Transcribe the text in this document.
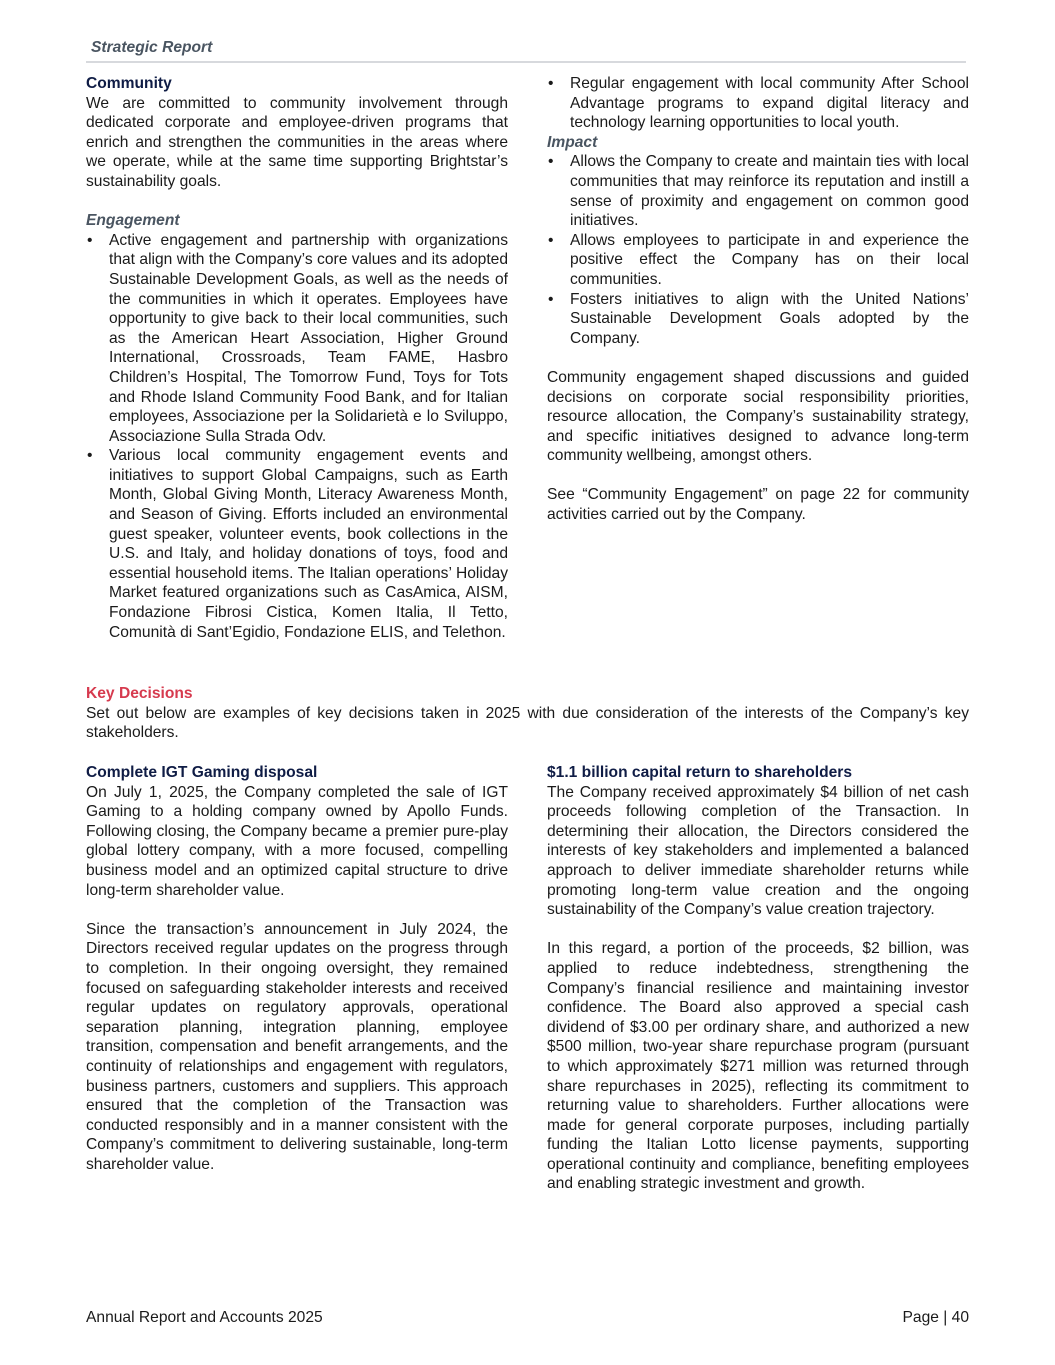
Strategic Report

Community

We are committed to community involvement through dedicated corporate and employee-driven programs that enrich and strengthen the communities in the areas where we operate, while at the same time supporting Brightstar’s sustainability goals.

Engagement

• Active engagement and partnership with organizations that align with the Company’s core values and its adopted Sustainable Development Goals, as well as the needs of the communities in which it operates. Employees have opportunity to give back to their local communities, such as the American Heart Association, Higher Ground International, Crossroads, Team FAME, Hasbro Children’s Hospital, The Tomorrow Fund, Toys for Tots and Rhode Island Community Food Bank, and for Italian employees, Associazione per la Solidarietà e lo Sviluppo, Associazione Sulla Strada Odv.
• Various local community engagement events and initiatives to support Global Campaigns, such as Earth Month, Global Giving Month, Literacy Awareness Month, and Season of Giving. Efforts included an environmental guest speaker, volunteer events, book collections in the U.S. and Italy, and holiday donations of toys, food and essential household items. The Italian operations’ Holiday Market featured organizations such as CasAmica, AISM, Fondazione Fibrosi Cistica, Komen Italia, Il Tetto, Comunità di Sant’Egidio, Fondazione ELIS, and Telethon.
• Regular engagement with local community After School Advantage programs to expand digital literacy and technology learning opportunities to local youth.

Impact

• Allows the Company to create and maintain ties with local communities that may reinforce its reputation and instill a sense of proximity and engagement on common good initiatives.
• Allows employees to participate in and experience the positive effect the Company has on their local communities.
• Fosters initiatives to align with the United Nations’ Sustainable Development Goals adopted by the Company.

Community engagement shaped discussions and guided decisions on corporate social responsibility priorities, resource allocation, the Company’s sustainability strategy, and specific initiatives designed to advance long-term community wellbeing, amongst others.

See “Community Engagement” on page 22 for community activities carried out by the Company.

Key Decisions

Set out below are examples of key decisions taken in 2025 with due consideration of the interests of the Company’s key stakeholders.

Complete IGT Gaming disposal

On July 1, 2025, the Company completed the sale of IGT Gaming to a holding company owned by Apollo Funds. Following closing, the Company became a premier pure-play global lottery company, with a more focused, compelling business model and an optimized capital structure to drive long-term shareholder value.

Since the transaction’s announcement in July 2024, the Directors received regular updates on the progress through to completion. In their ongoing oversight, they remained focused on safeguarding stakeholder interests and received regular updates on regulatory approvals, operational separation planning, integration planning, employee transition, compensation and benefit arrangements, and the continuity of relationships and engagement with regulators, business partners, customers and suppliers. This approach ensured that the completion of the Transaction was conducted responsibly and in a manner consistent with the Company’s commitment to delivering sustainable, long-term shareholder value.

$1.1 billion capital return to shareholders

The Company received approximately $4 billion of net cash proceeds following completion of the Transaction. In determining their allocation, the Directors considered the interests of key stakeholders and implemented a balanced approach to deliver immediate shareholder returns while promoting long-term value creation and the ongoing sustainability of the Company’s value creation trajectory.

In this regard, a portion of the proceeds, $2 billion, was applied to reduce indebtedness, strengthening the Company’s financial resilience and maintaining investor confidence. The Board also approved a special cash dividend of $3.00 per ordinary share, and authorized a new $500 million, two-year share repurchase program (pursuant to which approximately $271 million was returned through share repurchases in 2025), reflecting its commitment to returning value to shareholders. Further allocations were made for general corporate purposes, including partially funding the Italian Lotto license payments, supporting operational continuity and compliance, benefiting employees and enabling strategic investment and growth.

Annual Report and Accounts 2025	Page | 40
